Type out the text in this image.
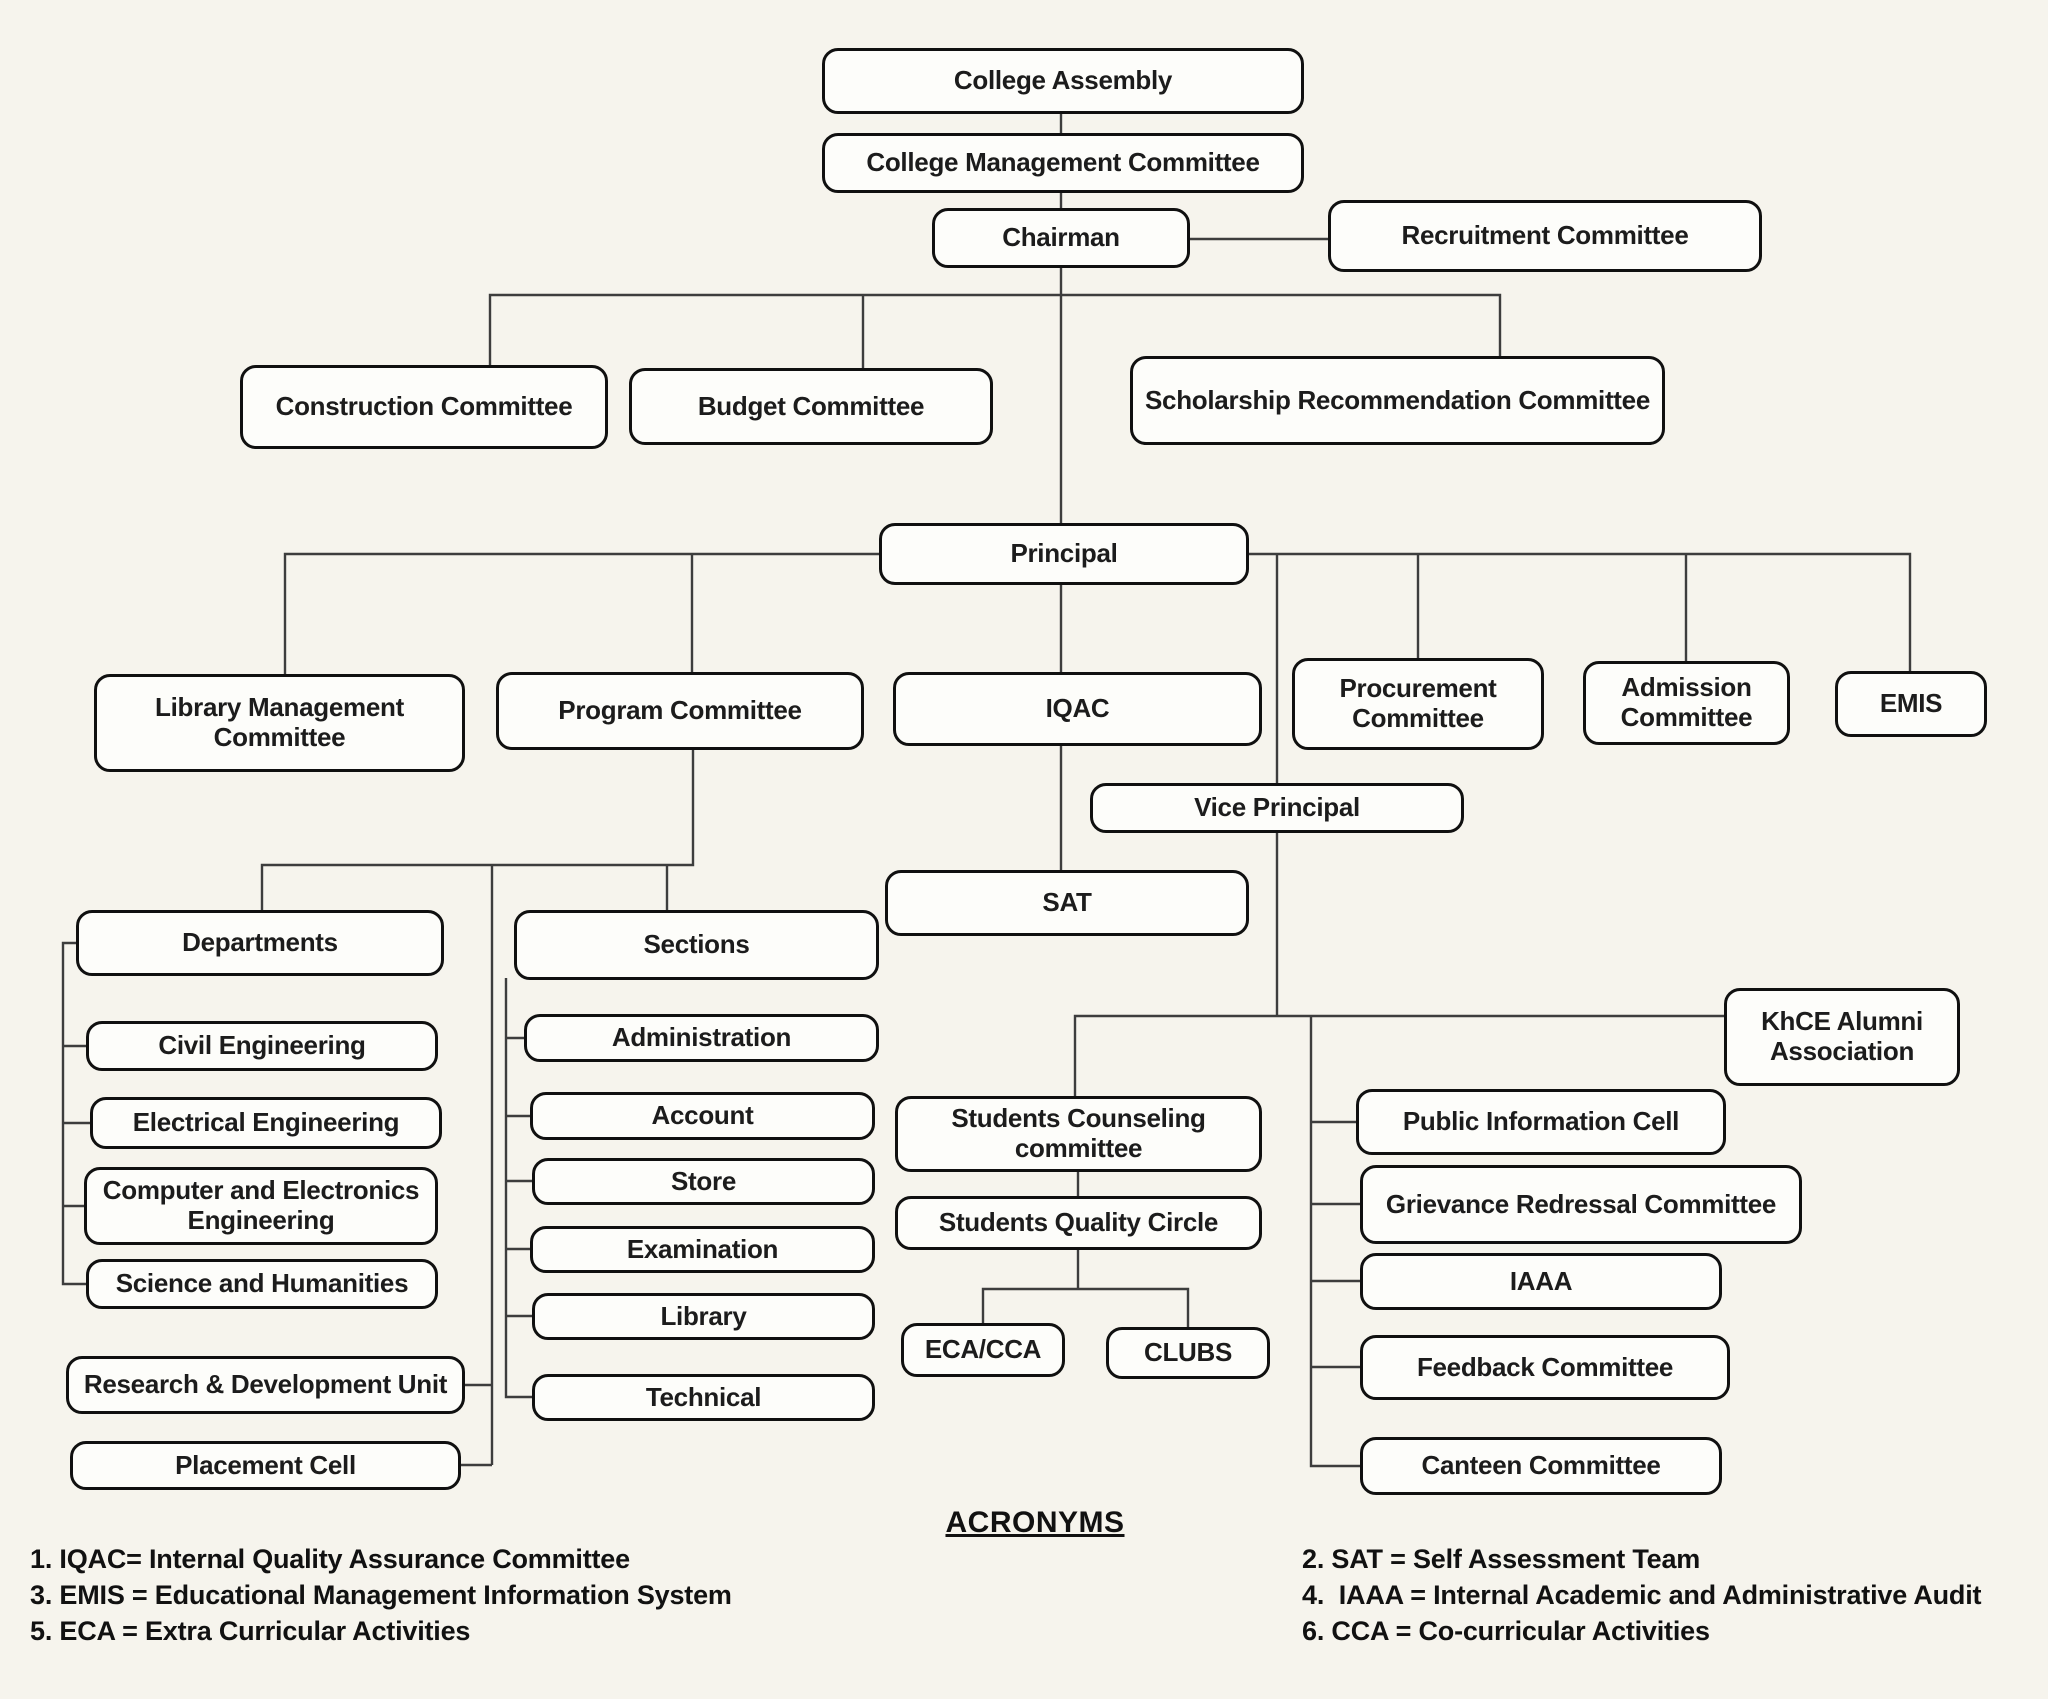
College Assembly
College Management Committee
Chairman	Recruitment Committee
Construction Committee	Budget Committee	Scholarship Recommendation Committee
Principal
Library Management Committee
Program Committee	IQAC
Procurement Committee
Admission Committee	EMIS
Vice Principal
SAT
Departments	Sections
Civil Engineering
Electrical Engineering
Computer and Electronics Engineering
Science and Humanities
Administration
Account
Store
Examination
Library
Technical
Research & Development Unit
Placement Cell
Students Counseling committee
Students Quality Circle
ECA/CCA	CLUBS
KhCE Alumni Association
Public Information Cell
Grievance Redressal Committee
IAAA
Feedback Committee
Canteen Committee
ACRONYMS
1. IQAC= Internal Quality Assurance Committee
3. EMIS = Educational Management Information System
5. ECA = Extra Curricular Activities
2. SAT = Self Assessment Team
4.  IAAA = Internal Academic and Administrative Audit
6. CCA = Co-curricular Activities
